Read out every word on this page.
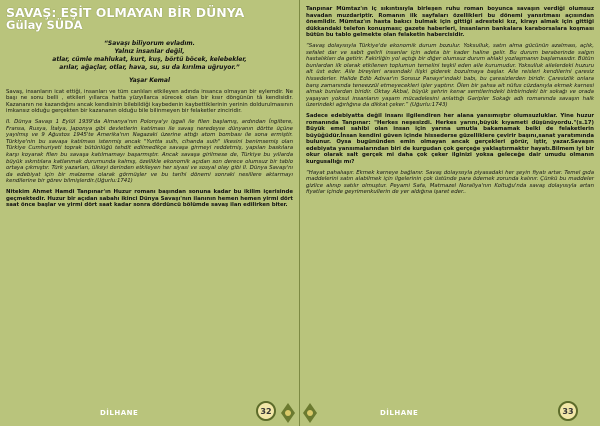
SAVAŞ: EŞİT OLMAYAN BİR DÜNYA
Gülay SÜDA
“Savaşı biliyorum evladım.
Yalnız insanlar değil,
atlar, cümle mahlukat, kurt, kuş, börtü böcek, kelebekler,
arılar, ağaçlar, otlar, hava, su, su da kırılma uğruyor.”
Yaşar Kemal

Savaş, insanların icat ettiği, insanları ve tüm canlıları etkileyen adında insanca olmayan bir eylemdir. Ne başı ne sonu belli , etkileri yıllarca hatta yüzyıllarca sürecek olan bir kısır döngünün tâ kendisidir. Kazananın ne kazandığını ancak kendisinin bilebildiği kaybedenin kaybettiklerinin yerinin doldurulmasının imkansız olduğu gerçekten bir kazananın olduğu bile bilinmeyen bir felaketler zinciridir.

II. Dünya Savaşı 1 Eylül 1939'da Almanya'nın Polonya'yı işgali ile filen başlamış, ardından İngiltere, Fransa, Rusya, İtalya, Japonya gibi devletlerin katılması ile savaş neredeyse dünyanın dörtte üçüne yayılmış ve 9 Ağustos 1945'te Amerika'nın Nagazaki üzerine attığı atom bombası ile sona ermiştir. Türkiye'nin bu savaşa katılması istenmiş ancak "Yurtta sulh, cihanda sulh" ilkesini benimsemiş olan Türkiye Cumhuriyeti toprak bütünlüğü tehdit edilmedikçe savaşa girmeyi reddetmiş, yapılan baskılara karşı koyarak filen bu savaşa katılmamayı başarmıştır. Ancak savaşa girilmese de, Türkiye bu yıllarda büyük sıkıntılara katlanmak durumunda kalmış, özellikle ekonomik açıdan son derece olumsuz bir tablo ortaya çıkmıştır. Türk yazarları, ülkeyi derinden etkileyen her siyasi ve sosyal olay gibi II. Dünya Savaşı'nı da edebiyat için bir malzeme olarak görmüşler ve bu tarihi dönemi sonraki nesillere aktarmayı kendilerine bir görev bilmişlerdir.(Uğurlu:1741)

Nitekim Ahmet Hamdi Tanpınar'ın Huzur romanı başından sonuna kadar bu ikilim içerisinde geçmektedir. Huzur bir açıdan sabahı ikinci Dünya Savaşı'nın ilanının hemen hemen yirmi dört saat önce başlar ve yirmi dört saat kadar sonra dördüncü bölümde savaş ilan edilirken biter.

DİLHANE	32

Tanpınar Mümtaz'ın iç sıkıntısıyla birleşen ruhu roman boyunca savaşın verdiği olumsuz havadan muzdariptir. Romanın ilk sayfaları özellikleri bu dönemi yansıtması açısından önemlidir. Mümtaz'ın hasta bakıcı bulmak için gittiği adresteki kız, kirayı almak için gittiği dükkandaki telefon konuşması; gazete haberleri, insanların bankalara karaborsalara koşması bütün bu tablo gelmekte olan felaketin habercisidir.

“Savaş dolayısıyla Türkiye'de ekonomik durum bozulur. Yoksulluk, satın alma gücünün azalması, açlık, sefalet dar ve sabit gelirli insanlar için adeta bir kader haline gelir. Bu durum beraberinde salgın hastalıkları da getirir. Fakirliğin yol açtığı bir diğer olumsuz durum ahlaki yozlaşmanın başlamasıdır. Bütün bunlardan ilk olarak etkilenen toplumun temelini teşkil eden aile kurumudur. Yoksulluk ailelerdeki huzuru alt üst eder. Aile bireyleri arasındaki ilişki giderek bozulmaya başlar. Aile reisleri kendilerini çaresiz hissederler. Halide Edib Adıvar'ın Sonsuz Panayır'ındaki babı, bu çaresizlerden biridir. Çaresizlik onlara banş zamanında teneezzül etmeyecekleri işler yaptırır. Ölen bir şahsa ait nüfus cüzdanıyla ekmek karnesi almak bunlardan biridir. Oktay Akbal, büyük şehrin kenar semtlerindeki birbirindeki bir sokağı ve orada yaşayan yoksul insanların yaşam mücadelesini anlattığı Garipler Sokağı adlı romanında savaşın halk üzerindeki ağırlığına da dikkat çeker.” (Uğurlu:1743)

Sadece edebiyatta değil insanı ilgilendiren her alana yansımıştır olumsuzluklar. Yine huzur romanında Tanpınar: "Herkes neşesizdi. Herkes yarını,büyük kıyameti düşünüyordu."(s.17) Büyük emel sahibi olan insan için yarına umutla bakamamak belki de felaketlerin büyüğüdür.İnsan kendini güven içinde hissederse güzelliklere çevirir başını,sanat yaratımında bulunur. Oysa bugününden emin olmayan ancak gerçekleri görür, iştir, yazar.Savaşın edebiyata yansımalarından biri de kurgudan çok gerçeğe yaklaştırmaktır hayatı.Bilmem iyi bir okur olarak salt gerçek mi daha çok çeker ilginizi yoksa geleceğe dair umudu olmanın kurgusallığı mı?

“Hayat pahalıaşır. Ekmek karneye bağlanır. Savaş dolayısıyla piyasadaki her şeyin fiyatı artar. Temel gıda maddelerini satın alabilmek için ilgelerinin çok üstünde para ödemek zorunda kalınır. Çünkü bu maddeler gizlice alınıp satılır olmuştur. Peyami Safa, Matmazel Noraliya'nın Koltuğu'nda savaş dolayısıyla artan fiyatlar içinde geyrimenkullerin de yer aldığına işaret eder..

DİLHANE	33
